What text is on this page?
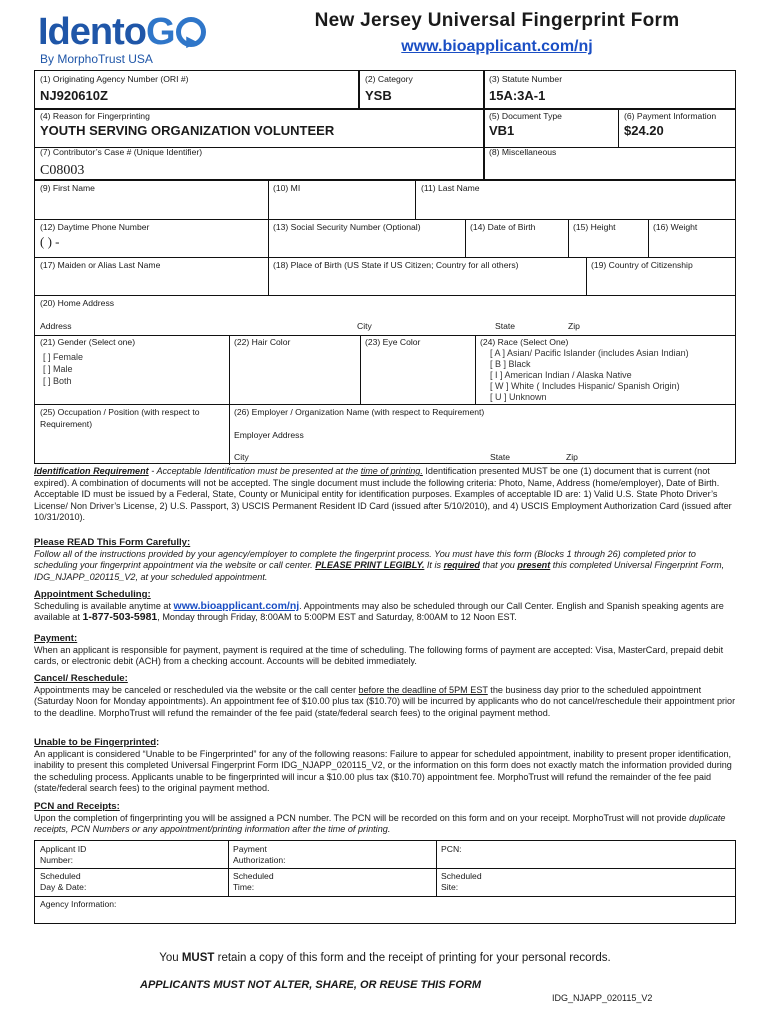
IdentoG▶
By MorphoTrust USA
New Jersey Universal Fingerprint Form
www.bioapplicant.com/nj
(1) Originating Agency Number (ORI #)
NJ920610Z
(2) Category
YSB
(3) Statute Number
15A:3A-1
(4) Reason for Fingerprinting
YOUTH SERVING ORGANIZATION VOLUNTEER
(5) Document Type
VB1
(6) Payment Information
$24.20
(7) Contributor’s Case # (Unique Identifier)
C08003
(8) Miscellaneous
(9) First Name	(10) MI	(11) Last Name
(12) Daytime Phone Number
( ) -
(13) Social Security Number (Optional)	(14) Date of Birth	(15) Height	(16) Weight
(17) Maiden or Alias Last Name	(18) Place of Birth (US State if US Citizen; Country for all others)	(19) Country of Citizenship
(20) Home Address
Address	City	State	Zip
(21) Gender (Select one)
[ ] Female
[ ] Male
[ ] Both
(22) Hair Color	(23) Eye Color	(24) Race (Select One)
[ A ] Asian/ Pacific Islander (includes Asian Indian)
[ B ] Black
[ I ] American Indian / Alaska Native
[ W ] White ( Includes Hispanic/ Spanish Origin)
[ U ] Unknown
(25) Occupation / Position (with respect to
Requirement)
(26) Employer / Organization Name (with respect to Requirement)
Employer Address
City	State	Zip

Identification Requirement - Acceptable Identification must be presented at the time of printing. Identification presented MUST be one (1) document that is current (not expired). A combination of documents will not be accepted. The single document must include the following criteria: Photo, Name, Address (home/employer), Date of Birth. Acceptable ID must be issued by a Federal, State, County or Municipal entity for identification purposes. Examples of acceptable ID are: 1) Valid U.S. State Photo Driver’s License/ Non Driver’s License, 2) U.S. Passport, 3) USCIS Permanent Resident ID Card (issued after 5/10/2010), and 4) USCIS Employment Authorization Card (issued after 10/31/2010).

Please READ This Form Carefully:

Follow all of the instructions provided by your agency/employer to complete the fingerprint process. You must have this form (Blocks 1 through 26) completed prior to scheduling your fingerprint appointment via the website or call center. PLEASE PRINT LEGIBLY. It is required that you present this completed Universal Fingerprint Form, IDG_NJAPP_020115_V2, at your scheduled appointment.

Appointment Scheduling:

Scheduling is available anytime at www.bioapplicant.com/nj. Appointments may also be scheduled through our Call Center. English and Spanish speaking agents are available at 1-877-503-5981, Monday through Friday, 8:00AM to 5:00PM EST and Saturday, 8:00AM to 12 Noon EST.

Payment:

When an applicant is responsible for payment, payment is required at the time of scheduling. The following forms of payment are accepted: Visa, MasterCard, prepaid debit cards, or electronic debit (ACH) from a checking account. Accounts will be debited immediately.

Cancel/ Reschedule:

Appointments may be canceled or rescheduled via the website or the call center before the deadline of 5PM EST the business day prior to the scheduled appointment (Saturday Noon for Monday appointments). An appointment fee of $10.00 plus tax ($10.70) will be incurred by applicants who do not cancel/reschedule their appointment prior to the deadline. MorphoTrust will refund the remainder of the fee paid (state/federal search fees) to the original payment method.

Unable to be Fingerprinted:

An applicant is considered “Unable to be Fingerprinted” for any of the following reasons: Failure to appear for scheduled appointment, inability to present proper identification, inability to present this completed Universal Fingerprint Form IDG_NJAPP_020115_V2, or the information on this form does not exactly match the information provided during the scheduling process. Applicants unable to be fingerprinted will incur a $10.00 plus tax ($10.70) appointment fee. MorphoTrust will refund the remainder of the fee paid (state/federal search fees) to the original payment method.

PCN and Receipts:

Upon the completion of fingerprinting you will be assigned a PCN number. The PCN will be recorded on this form and on your receipt. MorphoTrust will not provide duplicate receipts, PCN Numbers or any appointment/printing information after the time of printing.

Applicant ID
Number:
Payment
Authorization:
PCN:
Scheduled
Day & Date:
Scheduled
Time:
Scheduled
Site:
Agency Information:
You MUST retain a copy of this form and the receipt of printing for your personal records.
APPLICANTS MUST NOT ALTER, SHARE, OR REUSE THIS FORM
IDG_NJAPP_020115_V2
